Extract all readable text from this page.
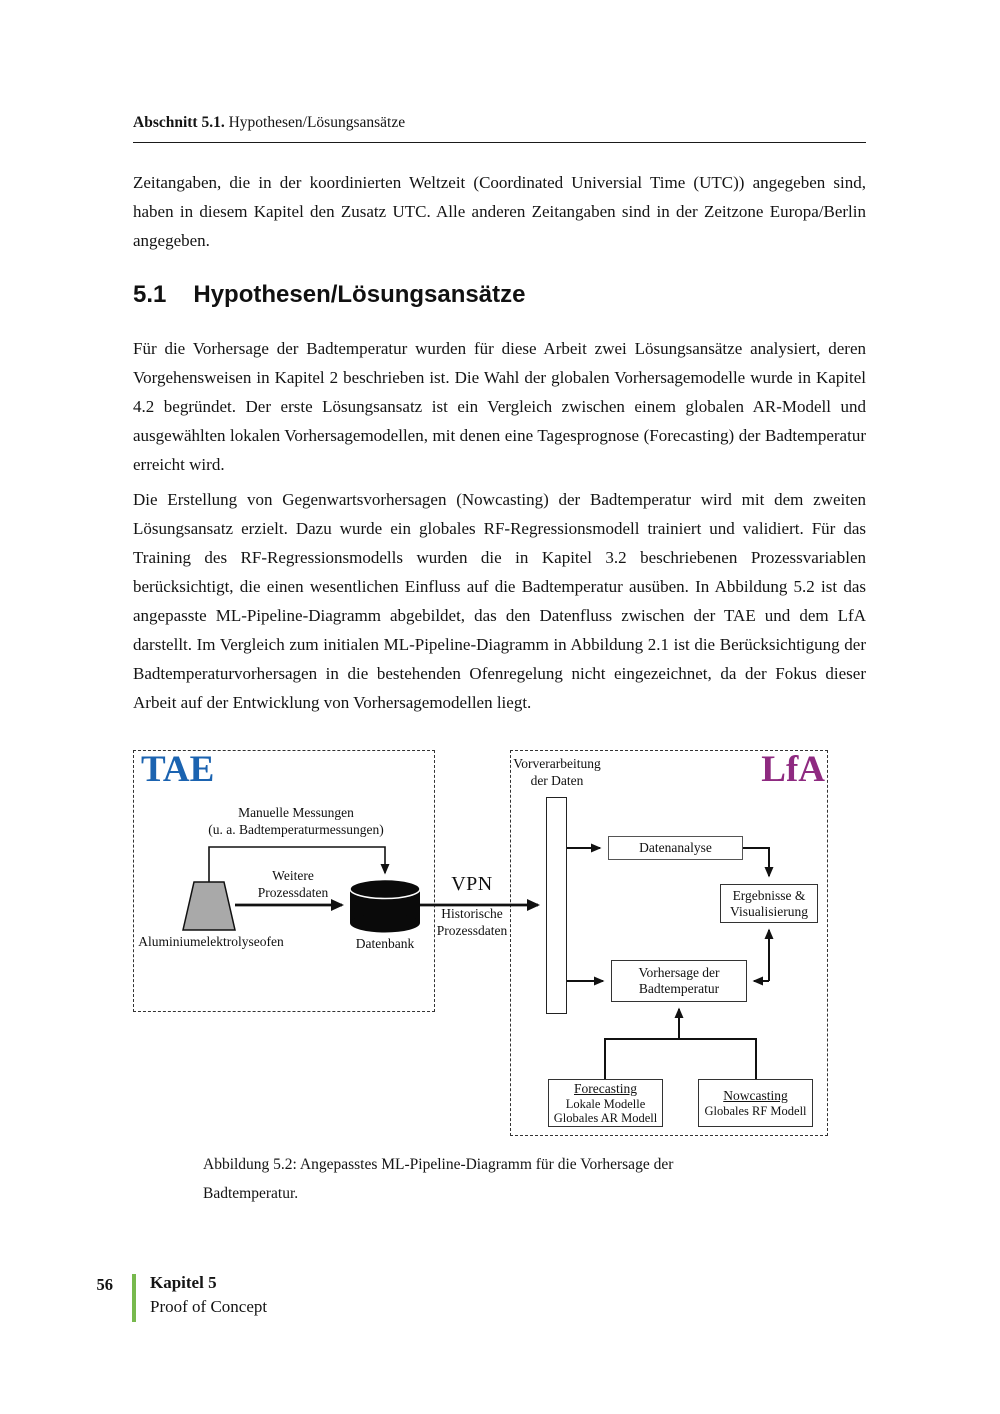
Abschnitt 5.1. Hypothesen/Lösungsansätze

Zeitangaben, die in der koordinierten Weltzeit (Coordinated Universial Time (UTC)) angegeben sind, haben in diesem Kapitel den Zusatz UTC. Alle anderen Zeitangaben sind in der Zeitzone Europa/Berlin angegeben.

5.1 Hypothesen/Lösungsansätze

Für die Vorhersage der Badtemperatur wurden für diese Arbeit zwei Lösungsansätze analysiert, deren Vorgehensweisen in Kapitel 2 beschrieben ist. Die Wahl der globalen Vorhersagemodelle wurde in Kapitel 4.2 begründet. Der erste Lösungsansatz ist ein Vergleich zwischen einem globalen AR-Modell und ausgewählten lokalen Vorhersagemodellen, mit denen eine Tagesprognose (Forecasting) der Badtemperatur erreicht wird.

Die Erstellung von Gegenwartsvorhersagen (Nowcasting) der Badtemperatur wird mit dem zweiten Lösungsansatz erzielt. Dazu wurde ein globales RF-Regressionsmodell trainiert und validiert. Für das Training des RF-Regressionsmodells wurden die in Kapitel 3.2 beschriebenen Prozessvariablen berücksichtigt, die einen wesentlichen Einfluss auf die Badtemperatur ausüben. In Abbildung 5.2 ist das angepasste ML-Pipeline-Diagramm abgebildet, das den Datenfluss zwischen der TAE und dem LfA darstellt. Im Vergleich zum initialen ML-Pipeline-Diagramm in Abbildung 2.1 ist die Berücksichtigung der Badtemperaturvorhersagen in die bestehenden Ofenregelung nicht eingezeichnet, da der Fokus dieser Arbeit auf der Entwicklung von Vorhersagemodellen liegt.

TAE	LfA
Manuelle Messungen
(u. a. Badtemperaturmessungen)
Weitere
Prozessdaten
Aluminiumelektrolyseofen	Datenbank
VPN
Historische
Prozessdaten
Vorverarbeitung
der Daten
Datenanalyse
Ergebnisse &
Visualisierung
Vorhersage der
Badtemperatur
Forecasting
Lokale Modelle
Globales AR Modell
Nowcasting
Globales RF Modell
Abbildung 5.2: Angepasstes ML-Pipeline-Diagramm für die Vorhersage der Badtemperatur.
56 Kapitel 5
Proof of Concept
